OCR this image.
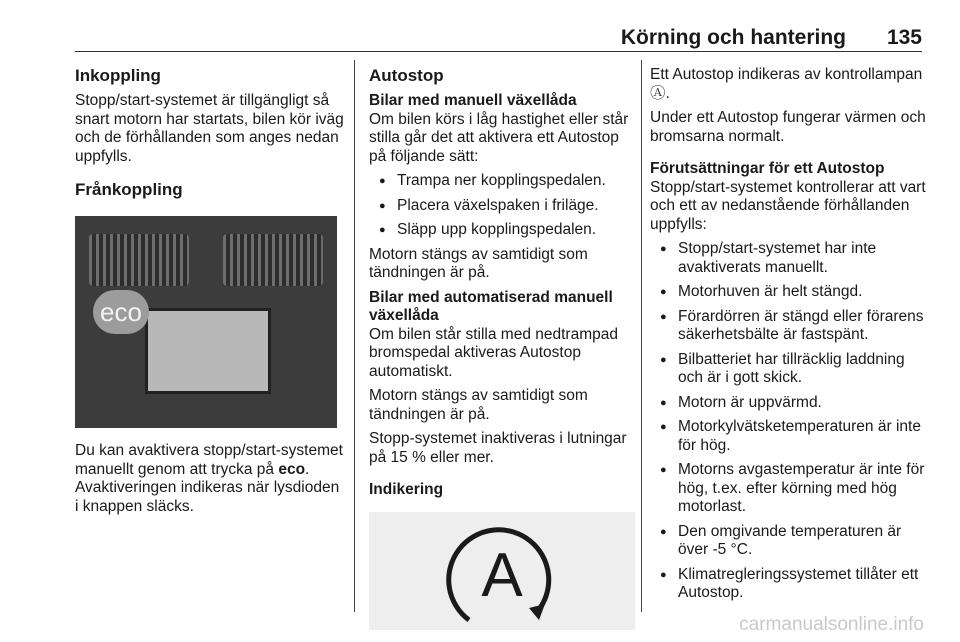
Körning och hantering 135
Inkoppling

Stopp/start-systemet är tillgängligt så snart motorn har startats, bilen kör iväg och de förhållanden som anges nedan uppfylls.

Frånkoppling
eco

Du kan avaktivera stopp/start-systemet manuellt genom att trycka på eco. Avaktiveringen indikeras när lysdioden i knappen släcks.

Autostop
Bilar med manuell växellåda

Om bilen körs i låg hastighet eller står stilla går det att aktivera ett Autostop på följande sätt:

● Trampa ner kopplingspedalen.
● Placera växelspaken i friläge.
● Släpp upp kopplingspedalen.

Motorn stängs av samtidigt som tändningen är på.

Bilar med automatiserad manuell växellåda

Om bilen står stilla med nedtrampad bromspedal aktiveras Autostop automatiskt.

Motorn stängs av samtidigt som tändningen är på.

Stopp-systemet inaktiveras i lutningar på 15 % eller mer.

Indikering
A

Ett Autostop indikeras av kontrollampan Ⓐ.

Under ett Autostop fungerar värmen och bromsarna normalt.

Förutsättningar för ett Autostop

Stopp/start-systemet kontrollerar att vart och ett av nedanstående förhållanden uppfylls:

● Stopp/start-systemet har inte avaktiverats manuellt.
● Motorhuven är helt stängd.
● Förardörren är stängd eller förarens säkerhetsbälte är fastspänt.
● Bilbatteriet har tillräcklig laddning och är i gott skick.
● Motorn är uppvärmd.
● Motorkylvätsketemperaturen är inte för hög.
● Motorns avgastemperatur är inte för hög, t.ex. efter körning med hög motorlast.
● Den omgivande temperaturen är över -5 °C.
● Klimatregleringssystemet tillåter ett Autostop.
carmanualsonline.info
